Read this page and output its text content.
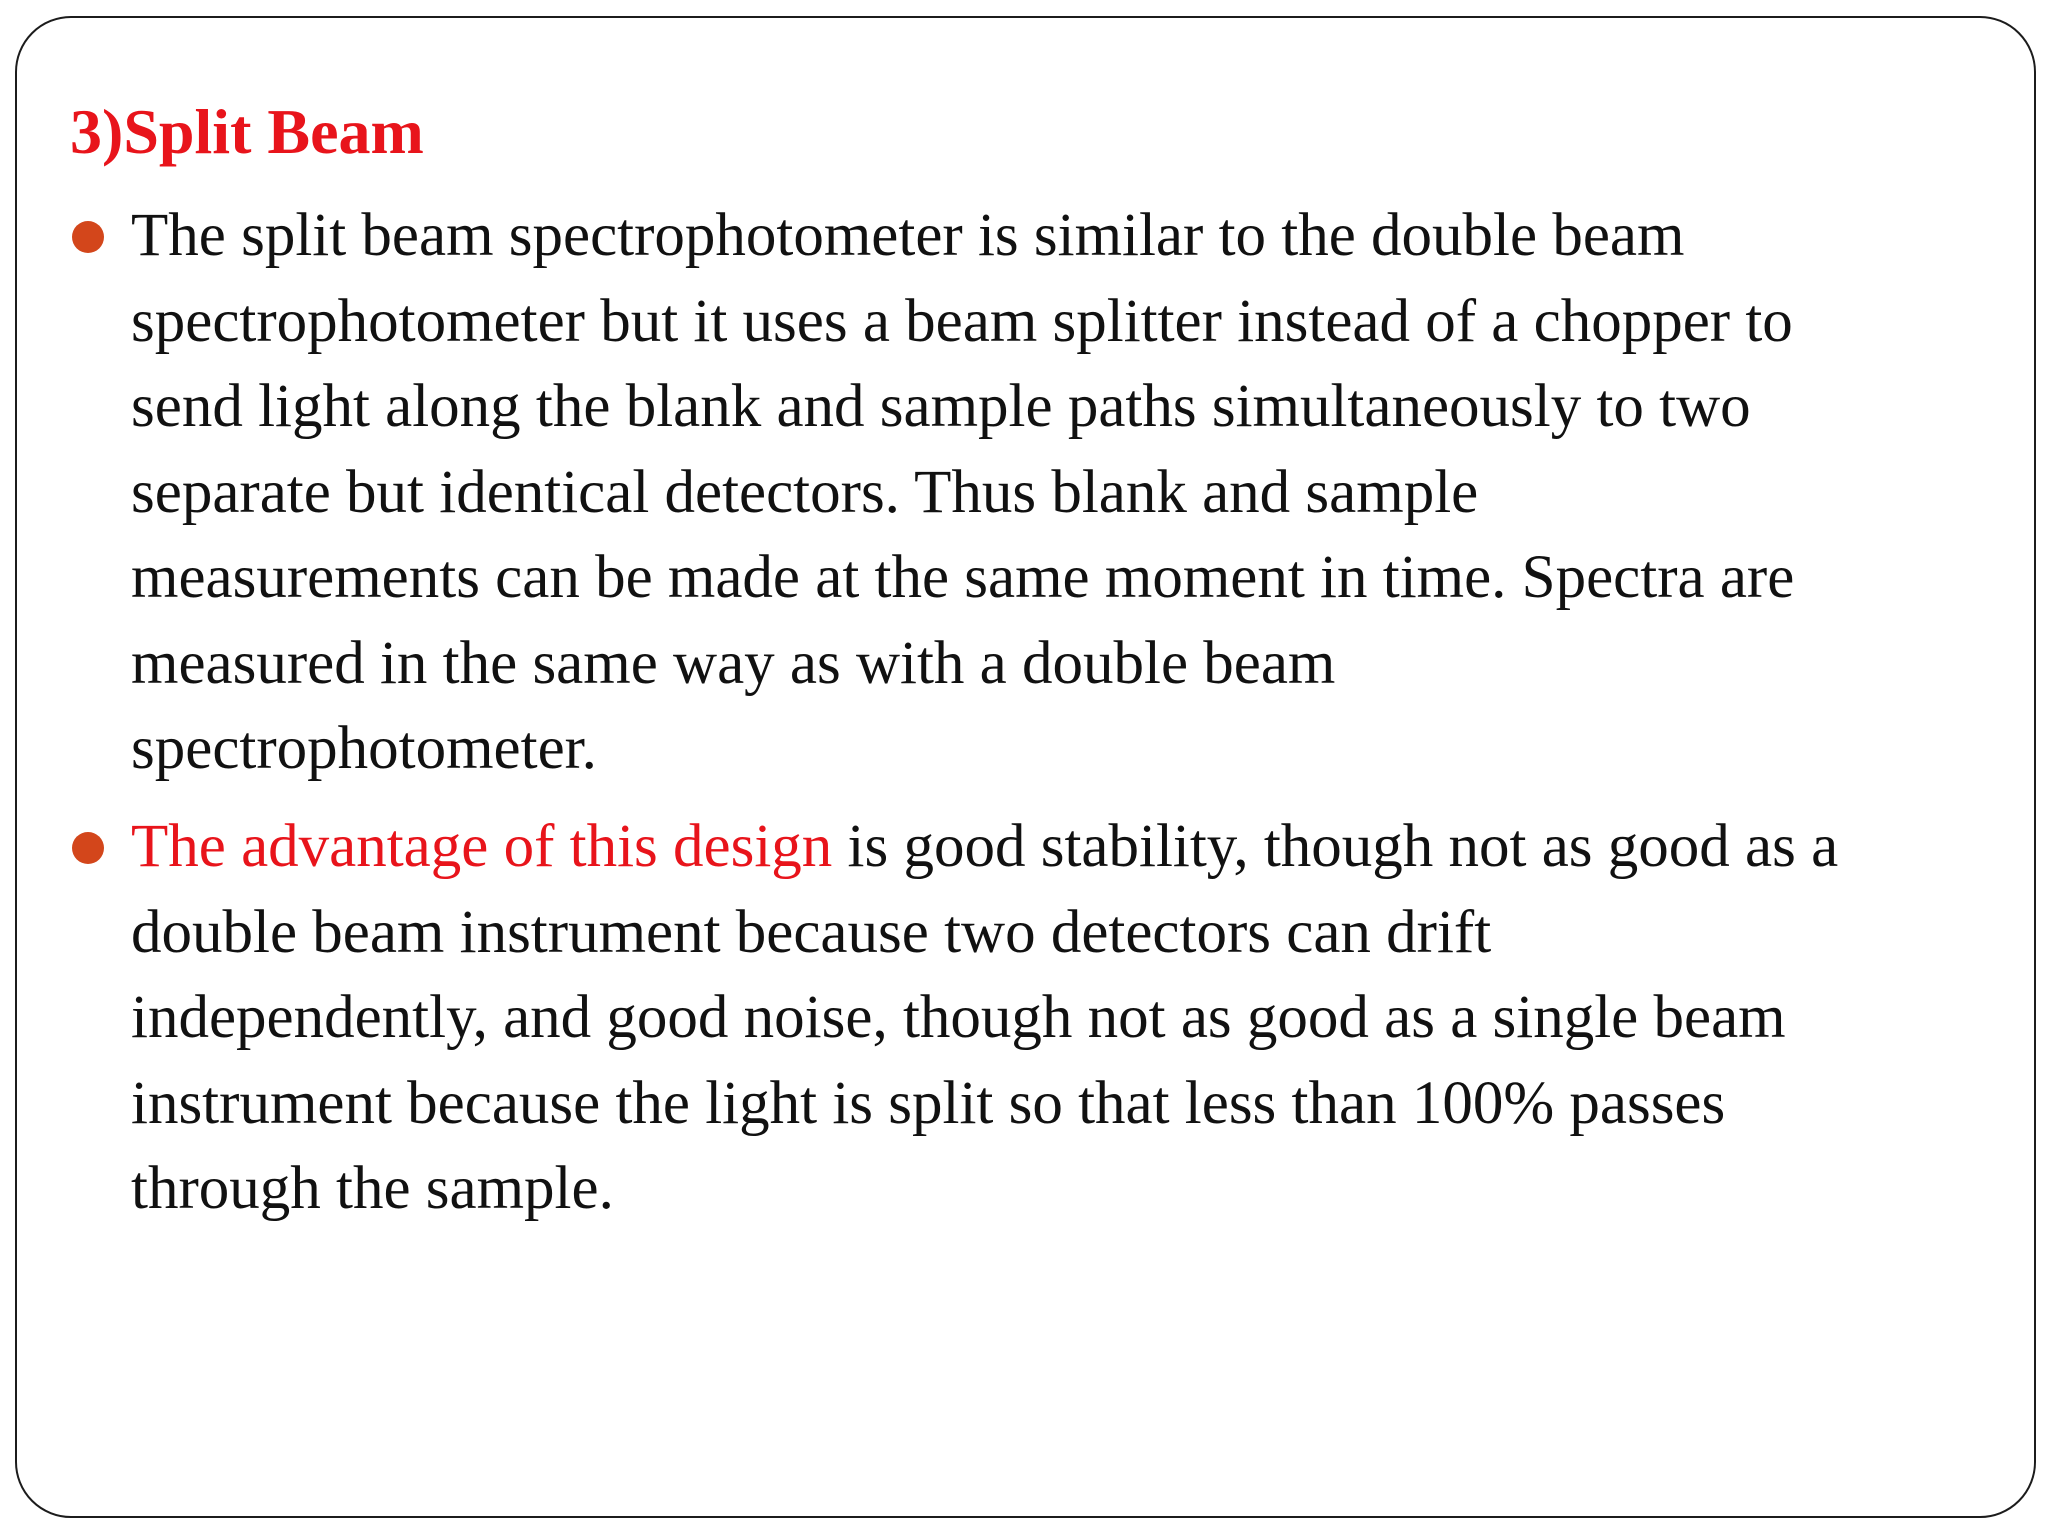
3)Split Beam
The split beam spectrophotometer is similar to the double beam
spectrophotometer but it uses a beam splitter instead of a chopper to
send light along the blank and sample paths simultaneously to two
separate but identical detectors. Thus blank and sample
measurements can be made at the same moment in time. Spectra are
measured in the same way as with a double beam
spectrophotometer.
The advantage of this design is good stability, though not as good as a
double beam instrument because two detectors can drift
independently, and good noise, though not as good as a single beam
instrument because the light is split so that less than 100% passes
through the sample.
